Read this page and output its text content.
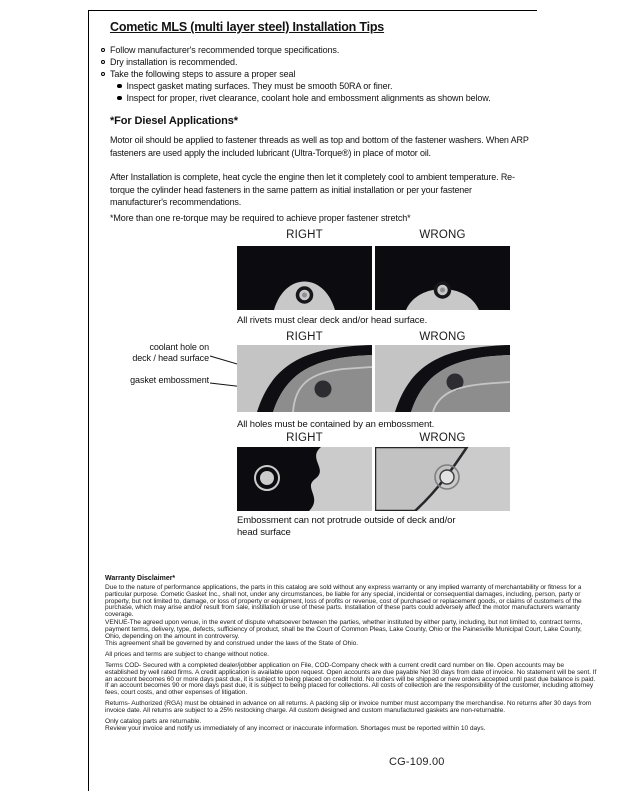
Cometic MLS (multi layer steel) Installation Tips
Follow manufacturer's recommended torque specifications.
Dry installation is recommended.
Take the following steps to assure a proper seal
Inspect gasket mating surfaces. They must be smooth 50RA or finer.
Inspect for proper, rivet clearance, coolant hole and embossment alignments as shown below.
*For Diesel Applications*
Motor oil should be applied to fastener threads as well as top and bottom of the fastener washers. When ARP fasteners are used apply the included lubricant (Ultra-Torque®) in place of motor oil.
After Installation is complete, heat cycle the engine then let it completely cool to ambient temperature. Re-torque the cylinder head fasteners in the same pattern as initial installation or per your fastener manufacturer's recommendations.
*More than one re-torque may be required to achieve proper fastener stretch*
RIGHT	WRONG
All rivets must clear deck and/or head surface.
RIGHT	WRONG
coolant hole on
deck / head surface
gasket embossment
All holes must be contained by an embossment.
RIGHT	WRONG
Embossment can not protrude outside of deck and/or head surface
Warranty Disclaimer*
Due to the nature of performance applications, the parts in this catalog are sold without any express warranty or any implied warranty of merchantability or fitness for a particular purpose. Cometic Gasket Inc., shall not, under any circumstances, be liable for any special, incidental or consequential damages, including, person, party or property, but not limited to, damage, or loss of property or equipment, loss of profits or revenue, cost of purchased or replacement goods, or claims of customers of the purchase, which may arise and/or result from sale, instillation or use of these parts. Installation of these parts could adversely affect the motor manufacturers warranty coverage.
VENUE-The agreed upon venue, in the event of dispute whatsoever between the parties, whether instituted by either party, including, but not limited to, contract terms, payment terms, delivery, type, defects, sufficiency of product, shall be the Court of Common Pleas, Lake County, Ohio or the Painesville Municipal Court, Lake County, Ohio, depending on the amount in controversy.
This agreement shall be governed by and construed under the laws of the State of Ohio.
All prices and terms are subject to change without notice.
Terms COD- Secured with a completed dealer/jobber application on File, COD-Company check with a current credit card number on file. Open accounts may be established by well rated firms. A credit application is available upon request. Open accounts are due payable Net 30 days from date of invoice. No statement will be sent. If an account becomes 60 or more days past due, it is subject to being placed on credit hold. No orders will be shipped or new orders accepted until past due balance is paid. If an account becomes 90 or more days past due, it is subject to being placed for collections. All costs of collection are the responsibility of the customer, including attorney fees, court costs, and other expenses of litigation.
Returns- Authorized (RGA) must be obtained in advance on all returns. A packing slip or invoice number must accompany the merchandise. No returns after 30 days from invoice date. All returns are subject to a 25% restocking charge. All custom designed and custom manufactured gaskets are non-returnable.
Only catalog parts are returnable.
Review your invoice and notify us immediately of any incorrect or inaccurate information. Shortages must be reported within 10 days.
CG-109.00
